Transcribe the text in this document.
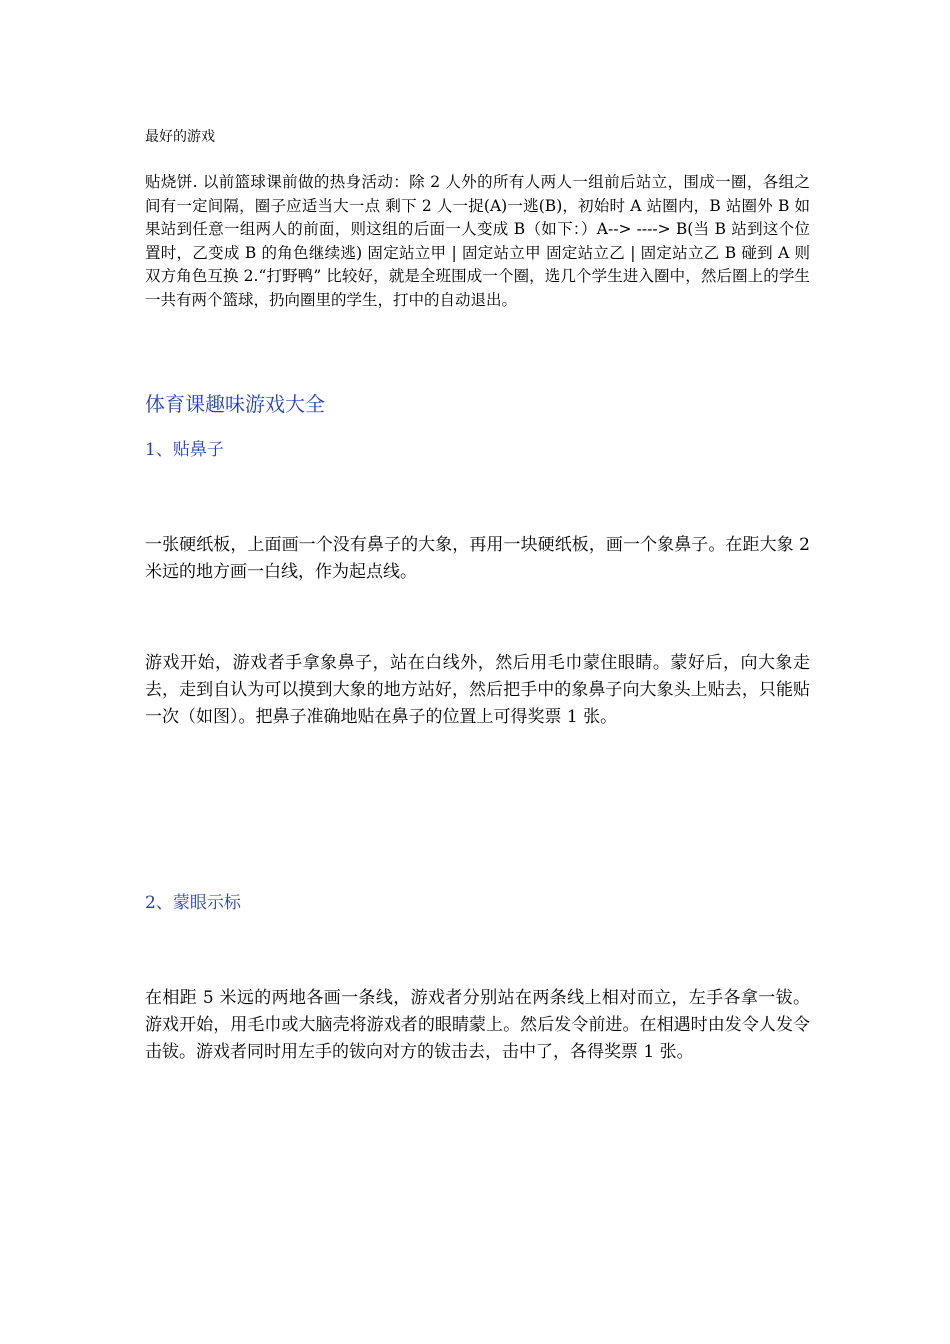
最好的游戏

贴烧饼. 以前篮球课前做的热身活动：除 2 人外的所有人两人一组前后站立，围成一圈，各组之间有一定间隔，圈子应适当大一点 剩下 2 人一捉(A)一逃(B)，初始时 A 站圈内，B 站圈外 B 如果站到任意一组两人的前面，则这组的后面一人变成 B（如下：）A--> ----> B(当 B 站到这个位置时，乙变成 B 的角色继续逃) 固定站立甲 | 固定站立甲 固定站立乙 | 固定站立乙 B 碰到 A 则双方角色互换 2.“打野鸭” 比较好，就是全班围成一个圈，选几个学生进入圈中，然后圈上的学生一共有两个篮球，扔向圈里的学生，打中的自动退出。

体育课趣味游戏大全
1、贴鼻子

一张硬纸板，上面画一个没有鼻子的大象，再用一块硬纸板，画一个象鼻子。在距大象 2 米远的地方画一白线，作为起点线。

游戏开始，游戏者手拿象鼻子，站在白线外，然后用毛巾蒙住眼睛。蒙好后，向大象走去，走到自认为可以摸到大象的地方站好，然后把手中的象鼻子向大象头上贴去，只能贴一次（如图）。把鼻子准确地贴在鼻子的位置上可得奖票 1 张。

2、蒙眼示标

在相距 5 米远的两地各画一条线，游戏者分别站在两条线上相对而立，左手各拿一钹。游戏开始，用毛巾或大脑壳将游戏者的眼睛蒙上。然后发令前进。在相遇时由发令人发令击钹。游戏者同时用左手的钹向对方的钹击去，击中了，各得奖票 1 张。
